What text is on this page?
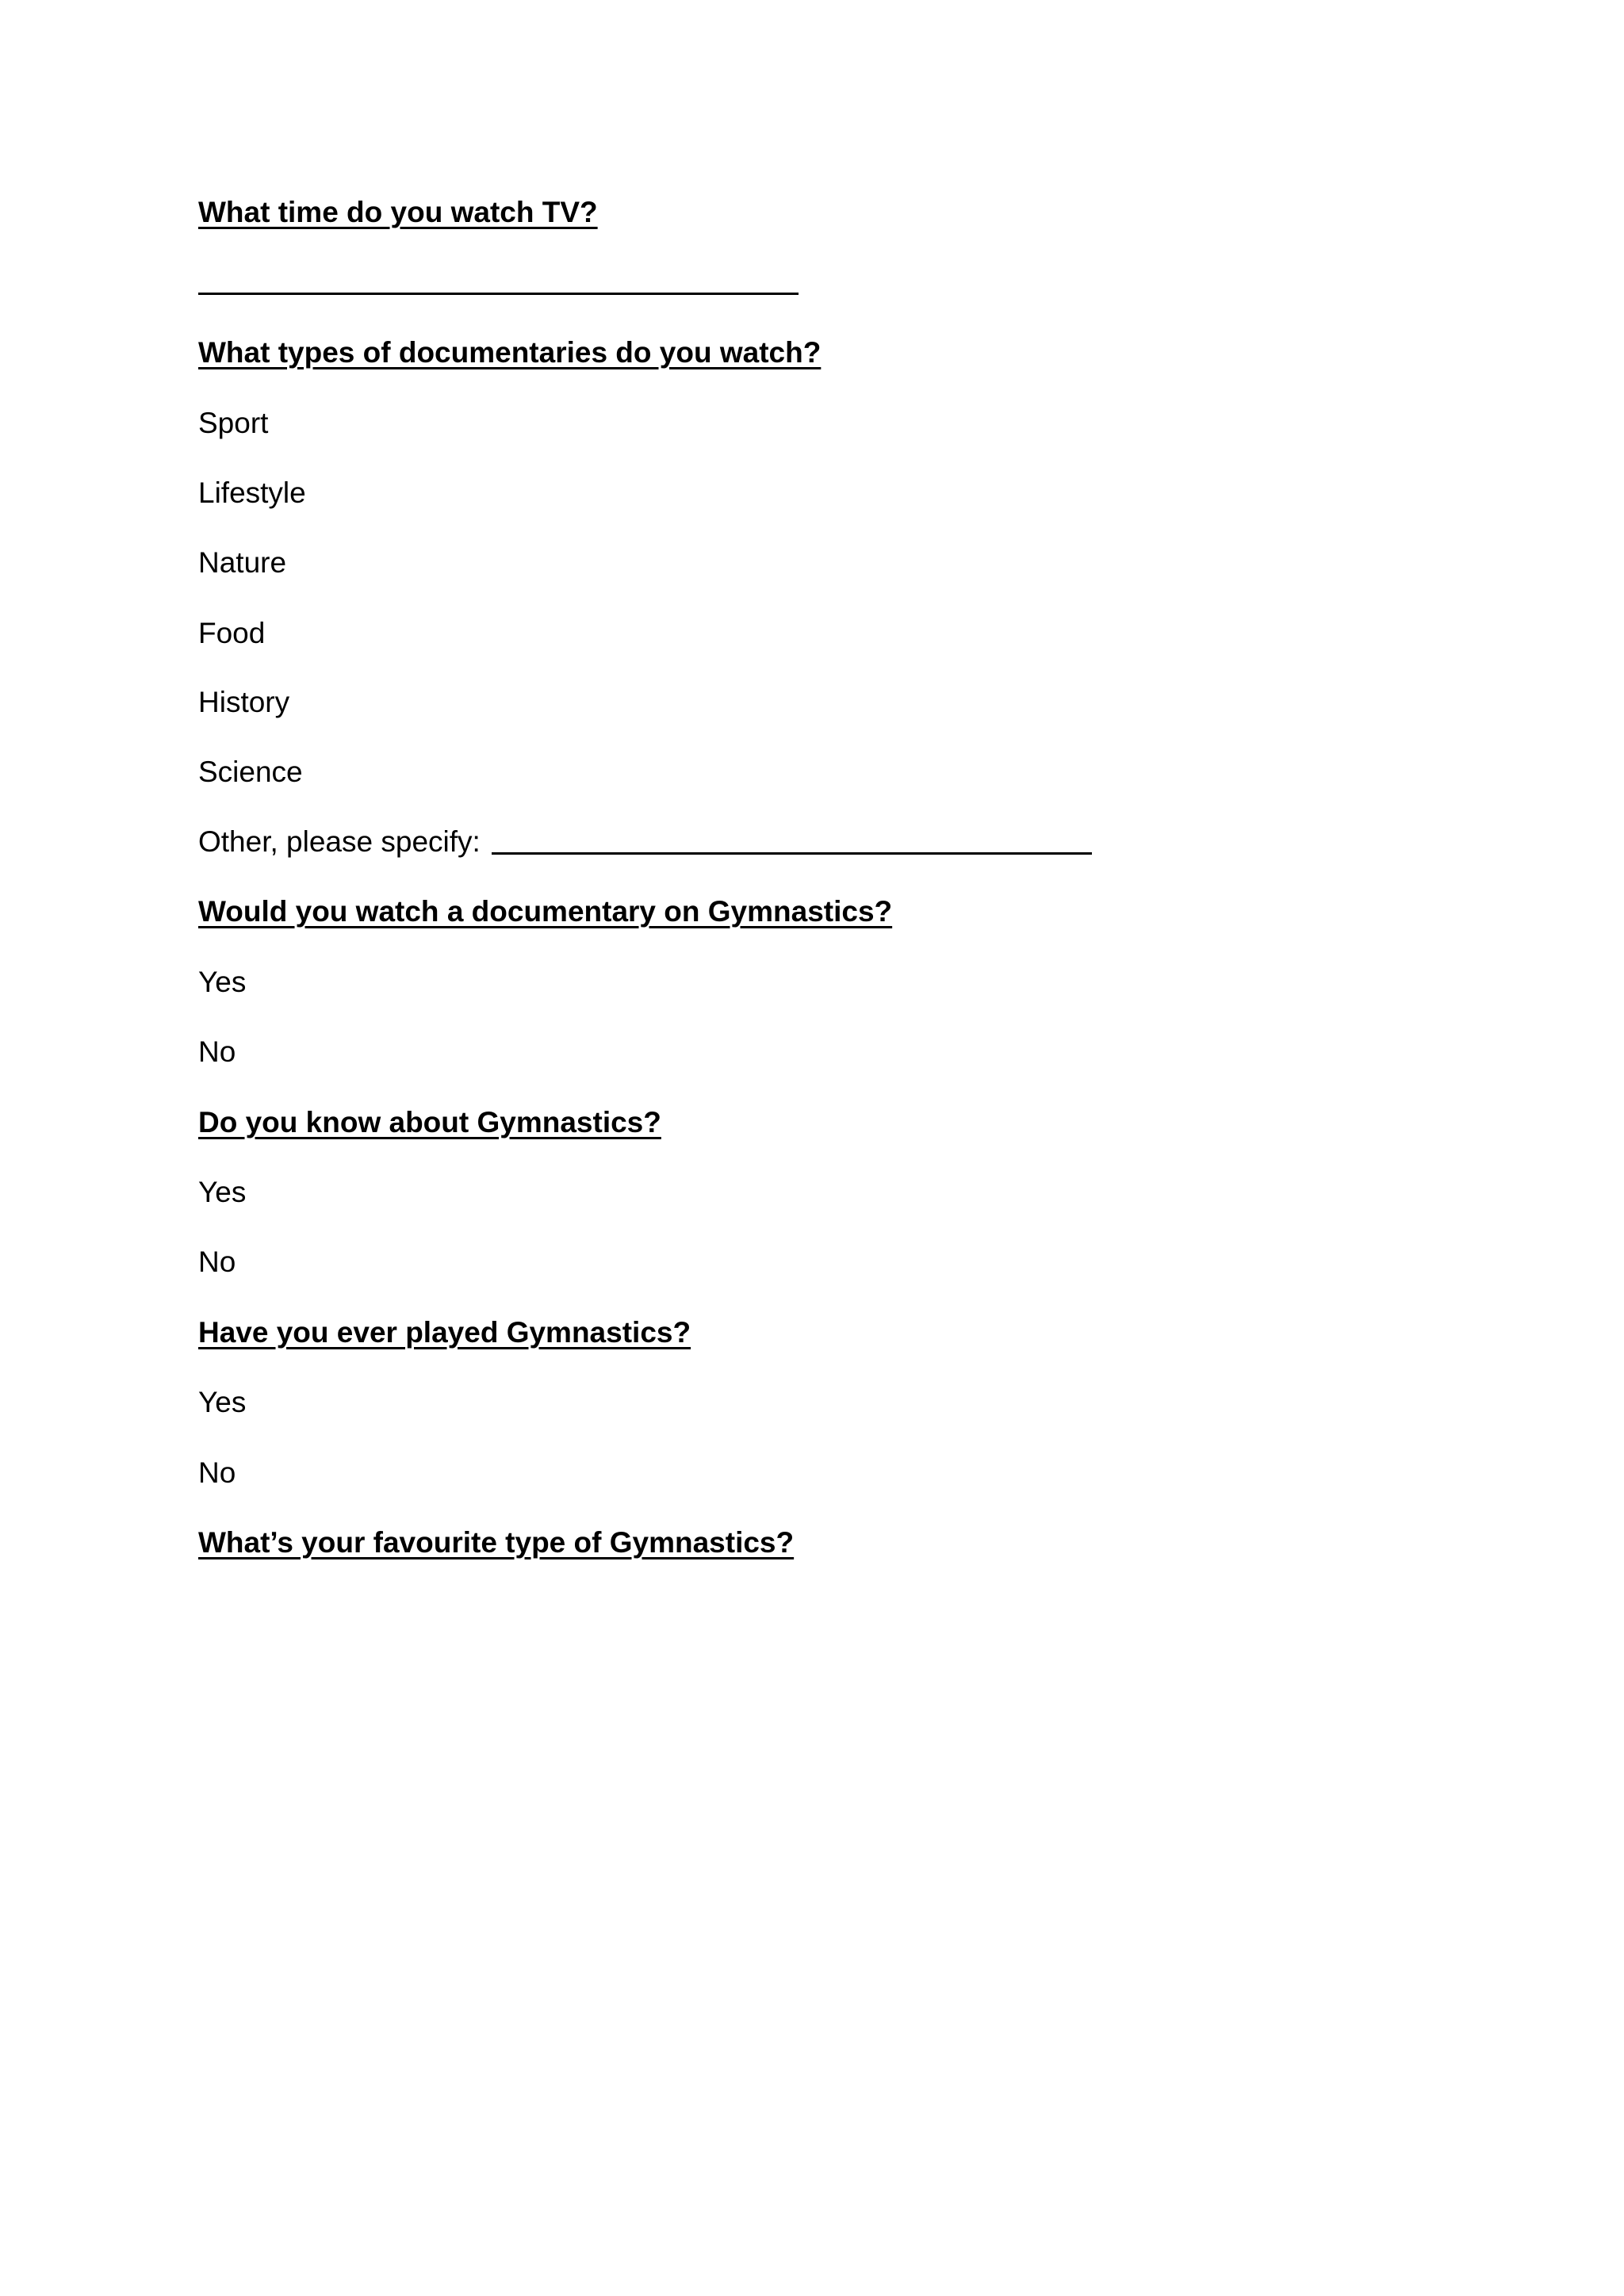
What time do you watch TV?
What types of documentaries do you watch?
Sport
Lifestyle
Nature
Food
History
Science
Other, please specify:
Would you watch a documentary on Gymnastics?
Yes
No
Do you know about Gymnastics?
Yes
No
Have you ever played Gymnastics?
Yes
No
What’s your favourite type of Gymnastics?
